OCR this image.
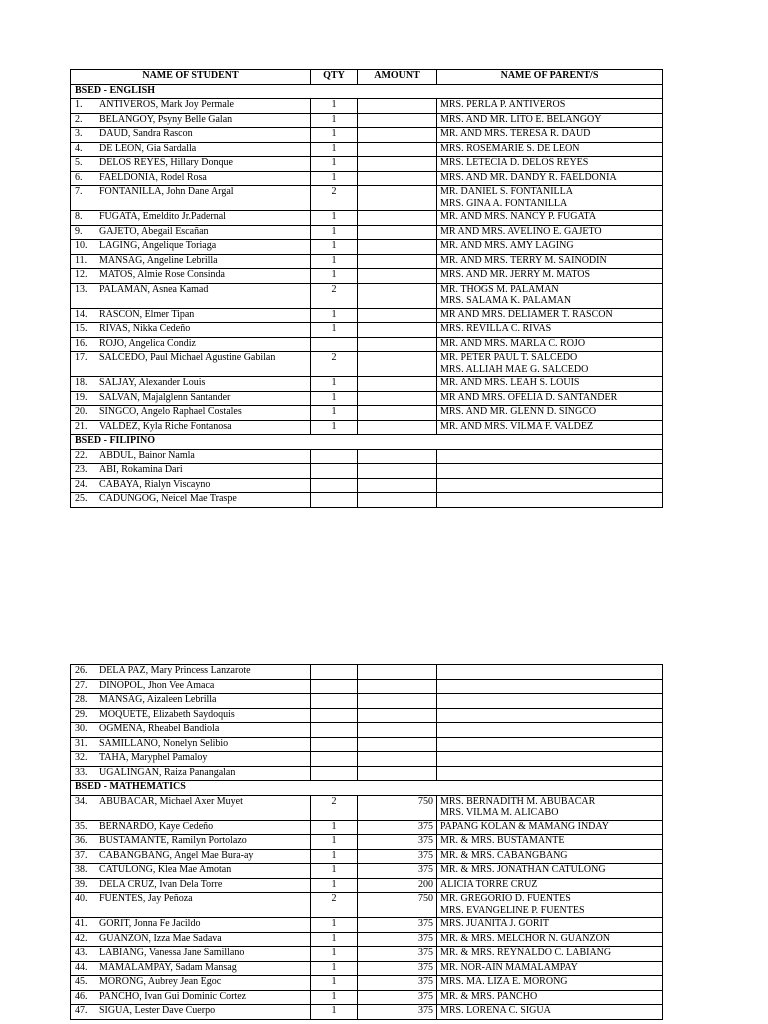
NAME OF STUDENT	QTY	AMOUNT	NAME OF PARENT/S
BSED - ENGLISH			
1. ANTIVEROS, Mark Joy Permale	1		MRS. PERLA P. ANTIVEROS

2. BELANGOY, Psyny Belle Galan	1		MRS. AND MR. LITO E. BELANGOY

3. DAUD, Sandra Rascon	1		MR. AND MRS. TERESA R. DAUD

4. DE LEON, Gia Sardalla	1		MRS. ROSEMARIE S. DE LEON

5. DELOS REYES, Hillary Donque	1		MRS. LETECIA D. DELOS REYES

6. FAELDONIA, Rodel Rosa	1		MRS. AND MR. DANDY R. FAELDONIA

7. FONTANILLA, John Dane Argal	2		MR. DANIEL S. FONTANILLA
MRS. GINA A. FONTANILLA

8. FUGATA, Emeldito Jr.Padernal	1		MR. AND MRS. NANCY P. FUGATA

9. GAJETO, Abegail Escañan	1		MR AND MRS. AVELINO E. GAJETO

10. LAGING, Angelique Toriaga	1		MR. AND MRS. AMY LAGING

11. MANSAG, Angeline Lebrilla	1		MR. AND MRS. TERRY M. SAINODIN

12. MATOS, Almie Rose Consinda	1		MRS. AND MR. JERRY M. MATOS

13. PALAMAN, Asnea Kamad	2		MR. THOGS M. PALAMAN
MRS. SALAMA K. PALAMAN

14. RASCON, Elmer Tipan	1		MR AND MRS. DELIAMER T. RASCON

15. RIVAS, Nikka Cedeño	1		MRS. REVILLA C. RIVAS

16. ROJO, Angelica Condiz			MR. AND MRS. MARLA C. ROJO

17. SALCEDO, Paul Michael Agustine Gabilan	2		MR. PETER PAUL T. SALCEDO
MRS. ALLIAH MAE G. SALCEDO

18. SALJAY, Alexander Louis	1		MR. AND MRS. LEAH S. LOUIS

19. SALVAN, Majalglenn Santander	1		MR AND MRS. OFELIA D. SANTANDER

20. SINGCO, Angelo Raphael Costales	1		MRS. AND MR. GLENN D. SINGCO

21. VALDEZ, Kyla Riche Fontanosa	1		MR. AND MRS. VILMA F. VALDEZ

BSED - FILIPINO			
22. ABDUL, Bainor Namla			

23. ABI, Rokamina Dari			

24. CABAYA, Rialyn Viscayno			

25. CADUNGOG, Neicel Mae Traspe			
26. DELA PAZ, Mary Princess Lanzarote			

27. DINOPOL, Jhon Vee Amaca			

28. MANSAG, Aizaleen Lebrilla			

29. MOQUETE, Elizabeth Saydoquis			

30. OGMENA, Rheabel Bandiola			

31. SAMILLANO, Nonelyn Selibio			

32. TAHA, Maryphel Pamaloy			

33. UGALINGAN, Raiza Panangalan			

BSED - MATHEMATICS			
34. ABUBACAR, Michael Axer Muyet	2	750	MRS. BERNADITH M. ABUBACAR
MRS. VILMA M. ALICABO

35. BERNARDO, Kaye Cedeño	1	375	PAPANG KOLAN & MAMANG INDAY

36. BUSTAMANTE, Ramilyn Portolazo	1	375	MR. & MRS. BUSTAMANTE

37. CABANGBANG, Angel Mae Bura-ay	1	375	MR. & MRS. CABANGBANG

38. CATULONG, Klea Mae Amotan	1	375	MR. & MRS. JONATHAN CATULONG

39. DELA CRUZ, Ivan Dela Torre	1	200	ALICIA TORRE CRUZ

40. FUENTES, Jay Peñoza	2	750	MR. GREGORIO D. FUENTES
MRS. EVANGELINE P. FUENTES

41. GORIT, Jonna Fe Jacildo	1	375	MRS. JUANITA J. GORIT

42. GUANZON, Izza Mae Sadava	1	375	MR. & MRS. MELCHOR N. GUANZON

43. LABIANG, Vanessa Jane Samillano	1	375	MR. & MRS. REYNALDO C. LABIANG

44. MAMALAMPAY, Sadam Mansag	1	375	MR. NOR-AIN MAMALAMPAY

45. MORONG, Aubrey Jean Egoc	1	375	MRS. MA. LIZA E. MORONG

46. PANCHO, Ivan Gui Dominic Cortez	1	375	MR. & MRS. PANCHO

47. SIGUA, Lester Dave Cuerpo	1	375	MRS. LORENA C. SIGUA
